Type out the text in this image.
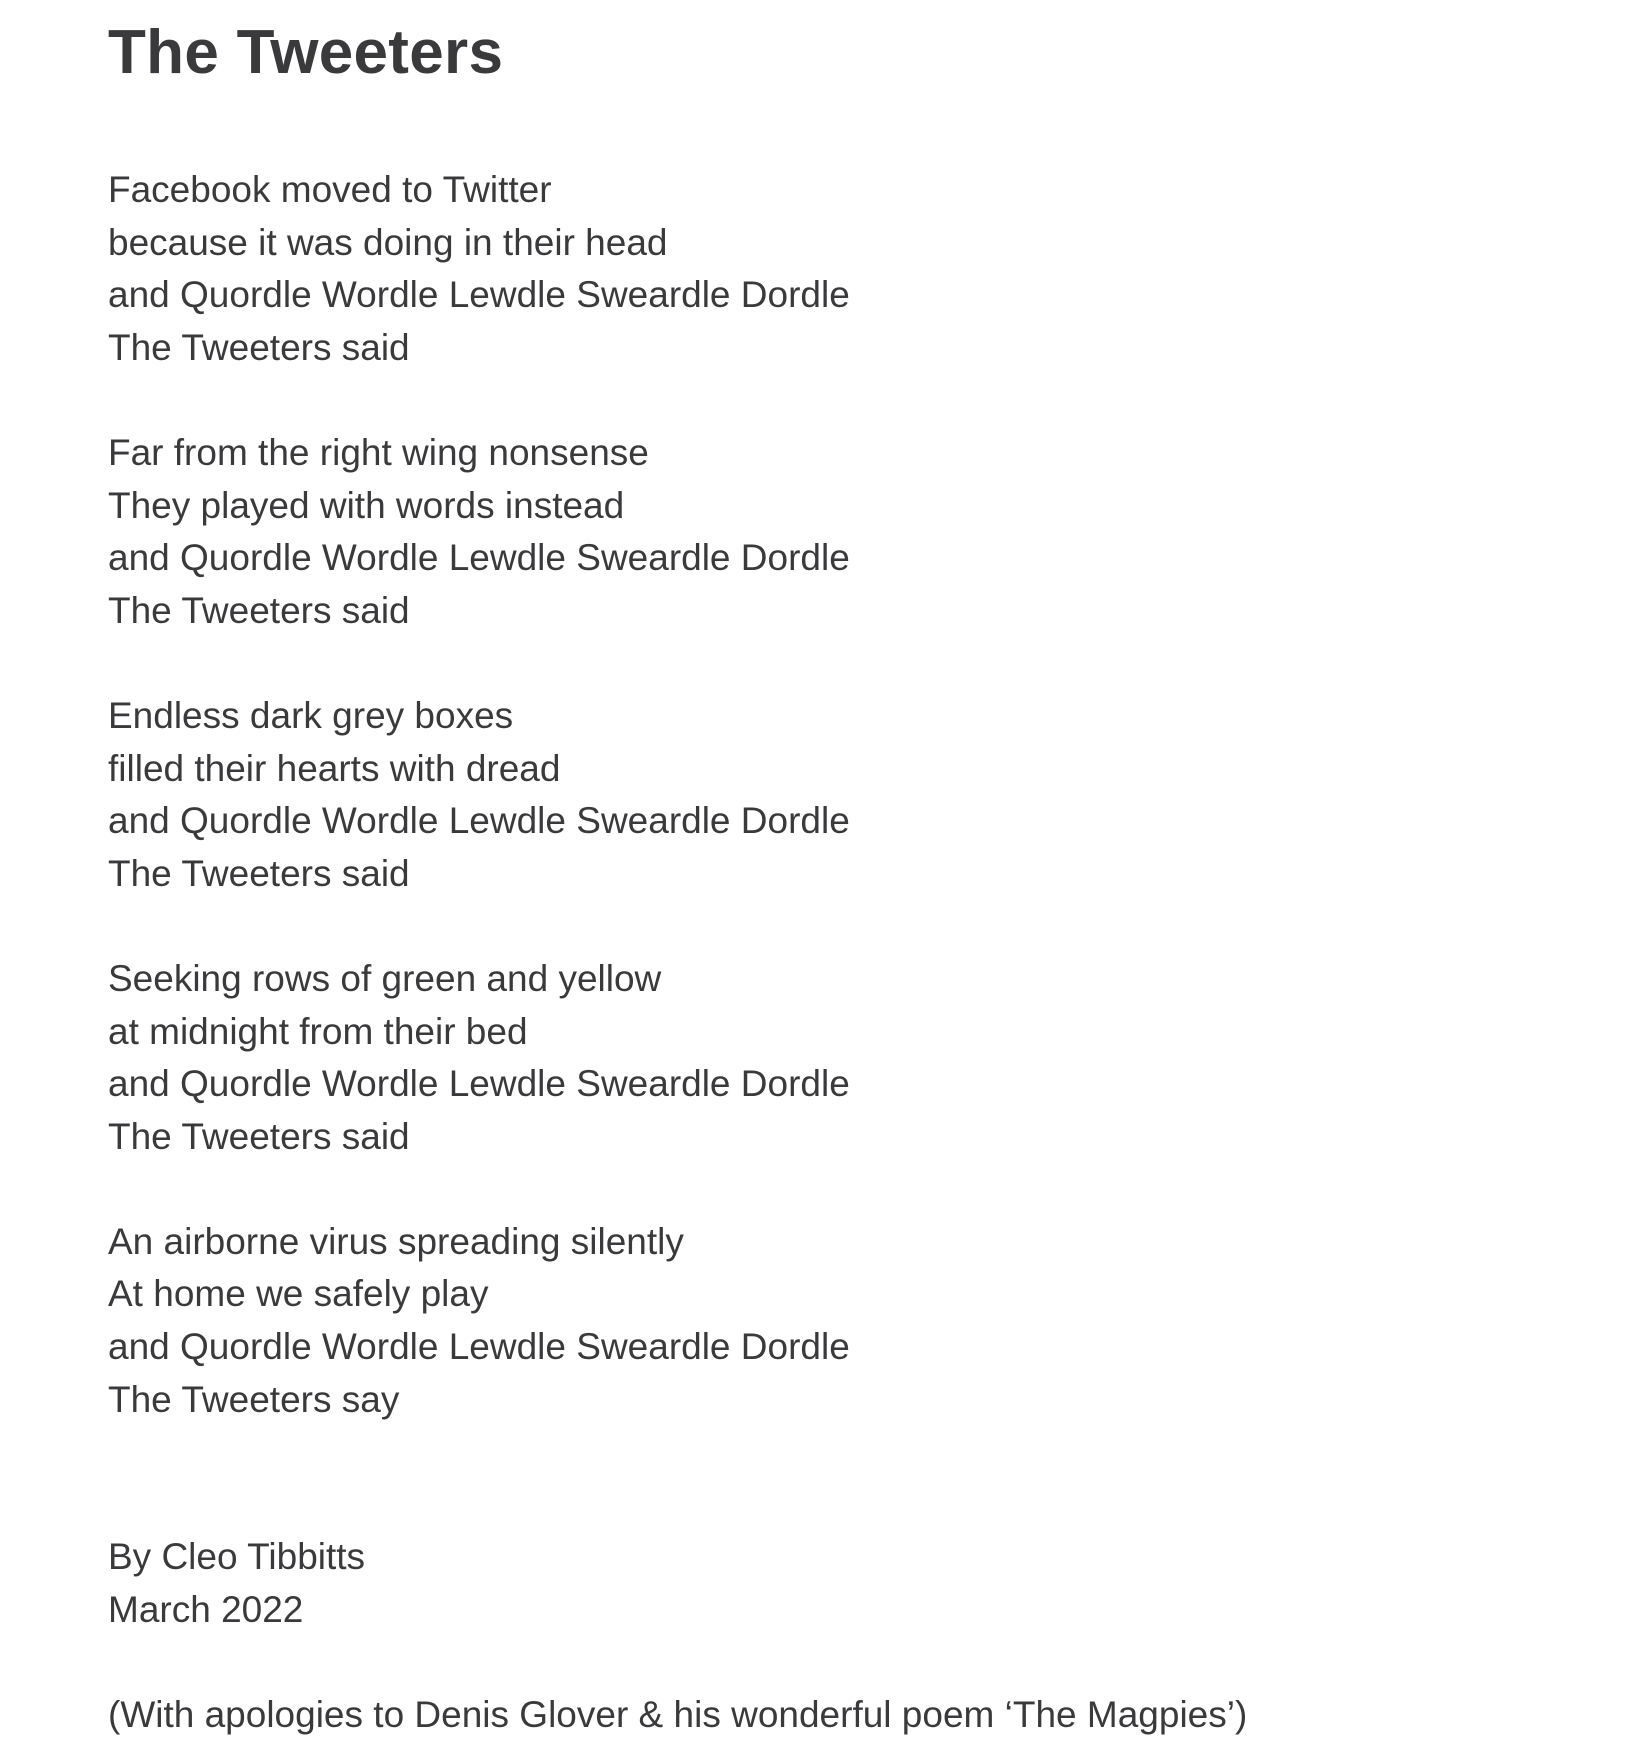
The Tweeters
Facebook moved to Twitter
because it was doing in their head
and Quordle Wordle Lewdle Sweardle Dordle
The Tweeters said
Far from the right wing nonsense
They played with words instead
and Quordle Wordle Lewdle Sweardle Dordle
The Tweeters said
Endless dark grey boxes
filled their hearts with dread
and Quordle Wordle Lewdle Sweardle Dordle
The Tweeters said
Seeking rows of green and yellow
at midnight from their bed
and Quordle Wordle Lewdle Sweardle Dordle
The Tweeters said
An airborne virus spreading silently
At home we safely play
and Quordle Wordle Lewdle Sweardle Dordle
The Tweeters say
By Cleo Tibbitts
March 2022
(With apologies to Denis Glover & his wonderful poem ‘The Magpies’)
